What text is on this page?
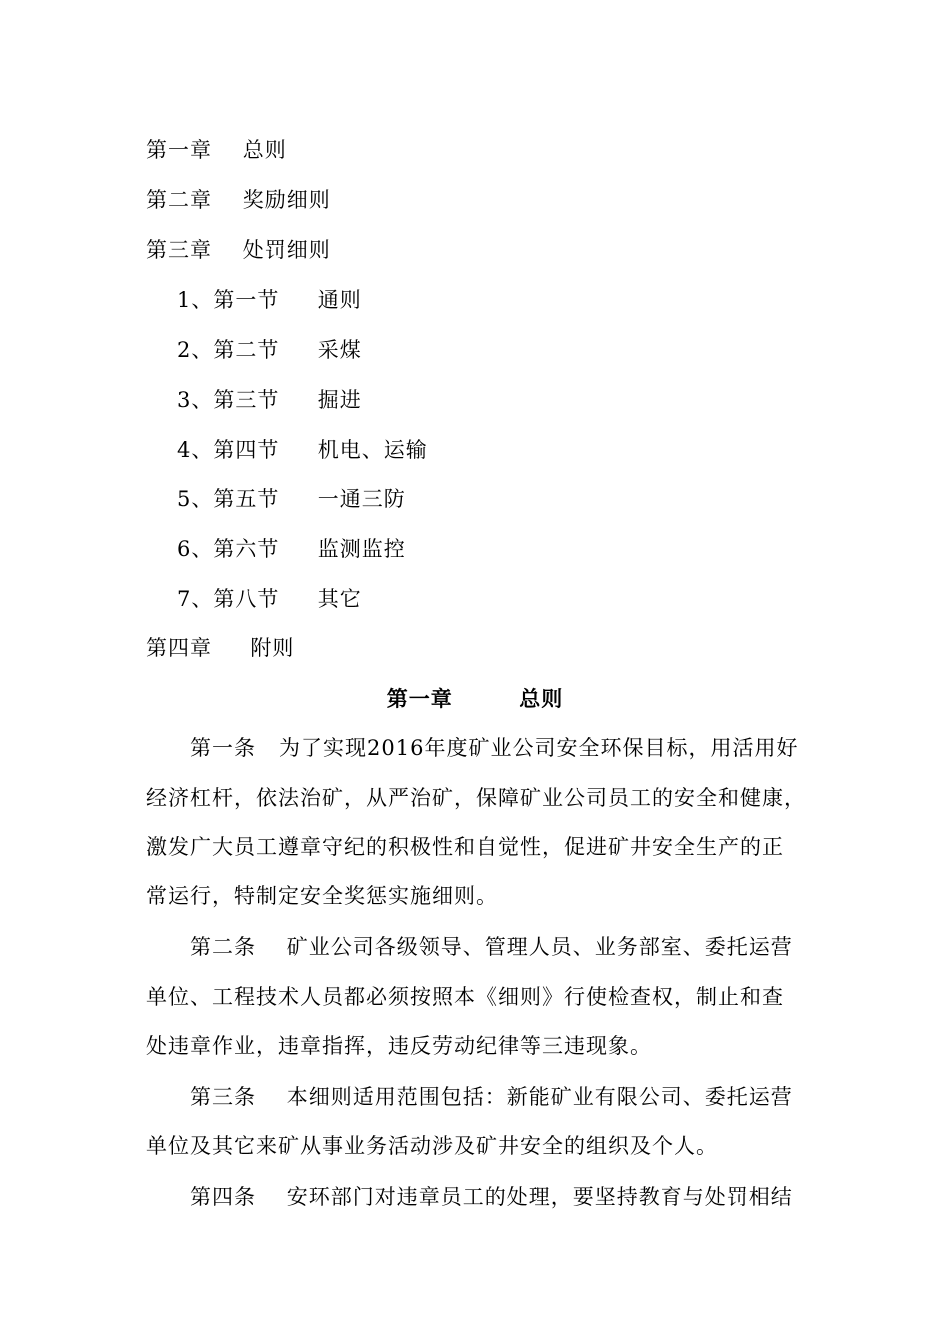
第一章    总则
第二章    奖励细则
第三章    处罚细则
1、第一节     通则
2、第二节     采煤
3、第三节     掘进
4、第四节     机电、运输
5、第五节     一通三防
6、第六节     监测监控
7、第八节     其它
第四章     附则
第一章        总则
第一条   为了实现2016年度矿业公司安全环保目标，用活用好
经济杠杆，依法治矿，从严治矿，保障矿业公司员工的安全和健康，
激发广大员工遵章守纪的积极性和自觉性，促进矿井安全生产的正
常运行，特制定安全奖惩实施细则。
第二条    矿业公司各级领导、管理人员、业务部室、委托运营
单位、工程技术人员都必须按照本《细则》行使检查权，制止和查
处违章作业，违章指挥，违反劳动纪律等三违现象。
第三条    本细则适用范围包括：新能矿业有限公司、委托运营
单位及其它来矿从事业务活动涉及矿井安全的组织及个人。
第四条    安环部门对违章员工的处理，要坚持教育与处罚相结
